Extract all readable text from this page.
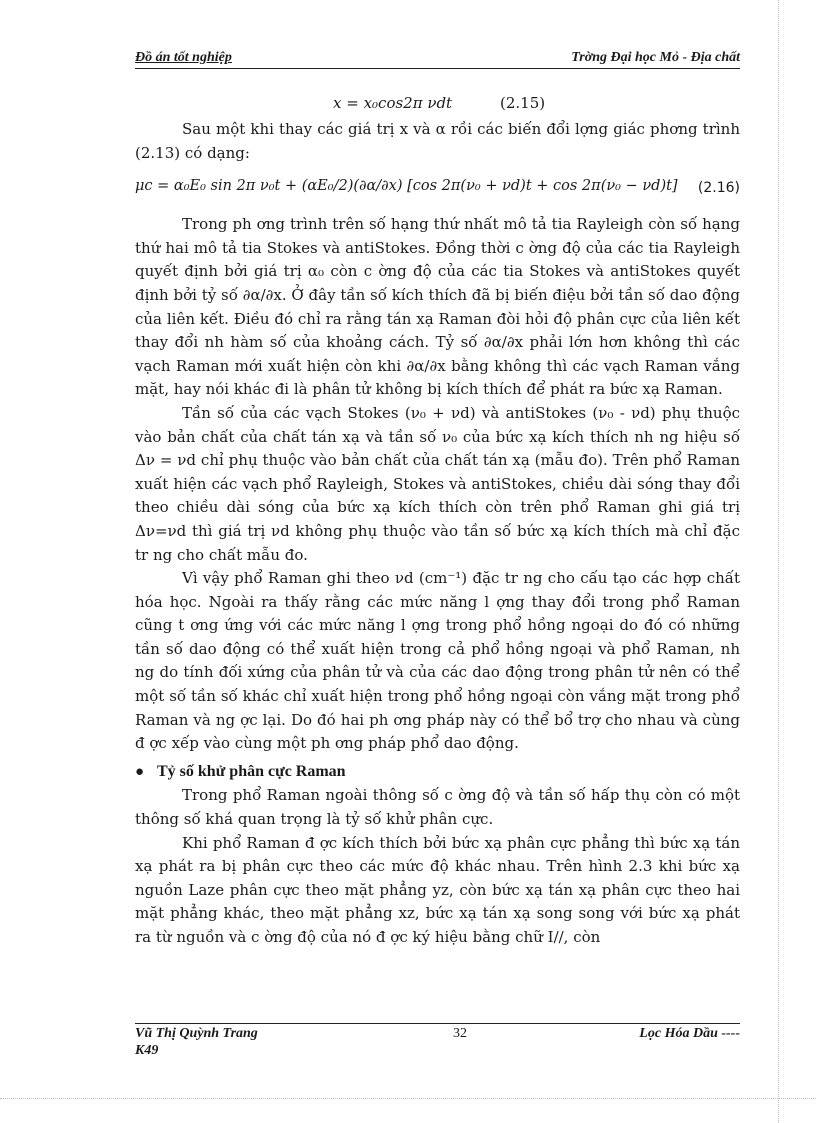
Đồ án tốt nghiệp	Trờng Đại học Mỏ - Địa chất
x = x₀cos2π νdt	(2.15)

Sau một khi thay các giá trị x và α rồi các biến đổi lợng giác phơng trình (2.13) có dạng:

μc = α₀E₀ sin 2π ν₀t + (αE₀/2)(∂α/∂x) [cos 2π(ν₀ + νd)t + cos 2π(ν₀ − νd)t] (2.16)

Trong ph ơng trình trên số hạng thứ nhất mô tả tia Rayleigh còn số hạng thứ hai mô tả tia Stokes và antiStokes. Đồng thời c ờng độ của các tia Rayleigh quyết định bởi giá trị α₀ còn c ờng độ của các tia Stokes và antiStokes quyết định bởi tỷ số ∂α/∂x. Ở đây tần số kích thích đã bị biến điệu bởi tần số dao động của liên kết. Điều đó chỉ ra rằng tán xạ Raman đòi hỏi độ phân cực của liên kết thay đổi nh hàm số của khoảng cách. Tỷ số ∂α/∂x phải lớn hơn không thì các vạch Raman mới xuất hiện còn khi ∂α/∂x bằng không thì các vạch Raman vắng mặt, hay nói khác đi là phân tử không bị kích thích để phát ra bức xạ Raman.

Tần số của các vạch Stokes (ν₀ + νd) và antiStokes (ν₀ - νd) phụ thuộc vào bản chất của chất tán xạ và tần số ν₀ của bức xạ kích thích nh ng hiệu số Δν = νd chỉ phụ thuộc vào bản chất của chất tán xạ (mẫu đo). Trên phổ Raman xuất hiện các vạch phổ Rayleigh, Stokes và antiStokes, chiều dài sóng thay đổi theo chiều dài sóng của bức xạ kích thích còn trên phổ Raman ghi giá trị Δν=νd thì giá trị νd không phụ thuộc vào tần số bức xạ kích thích mà chỉ đặc tr ng cho chất mẫu đo.

Vì vậy phổ Raman ghi theo νd (cm⁻¹) đặc tr ng cho cấu tạo các hợp chất hóa học. Ngoài ra thấy rằng các mức năng l ợng thay đổi trong phổ Raman cũng t ơng ứng với các mức năng l ợng trong phổ hồng ngoại do đó có những tần số dao động có thể xuất hiện trong cả phổ hồng ngoại và phổ Raman, nh ng do tính đối xứng của phân tử và của các dao động trong phân tử nên có thể một số tần số khác chỉ xuất hiện trong phổ hồng ngoại còn vắng mặt trong phổ Raman và ng ợc lại. Do đó hai ph ơng pháp này có thể bổ trợ cho nhau và cùng đ ợc xếp vào cùng một ph ơng pháp phổ dao động.

● Tỷ số khử phân cực Raman

Trong phổ Raman ngoài thông số c ờng độ và tần số hấp thụ còn có một thông số khá quan trọng là tỷ số khử phân cực.

Khi phổ Raman đ ợc kích thích bởi bức xạ phân cực phẳng thì bức xạ tán xạ phát ra bị phân cực theo các mức độ khác nhau. Trên hình 2.3 khi bức xạ nguồn Laze phân cực theo mặt phẳng yz, còn bức xạ tán xạ phân cực theo hai mặt phẳng khác, theo mặt phẳng xz, bức xạ tán xạ song song với bức xạ phát ra từ nguồn và c ờng độ của nó đ ợc ký hiệu bằng chữ I//, còn

Vũ Thị Quỳnh Trang
K49
32	Lọc Hóa Dầu ----
